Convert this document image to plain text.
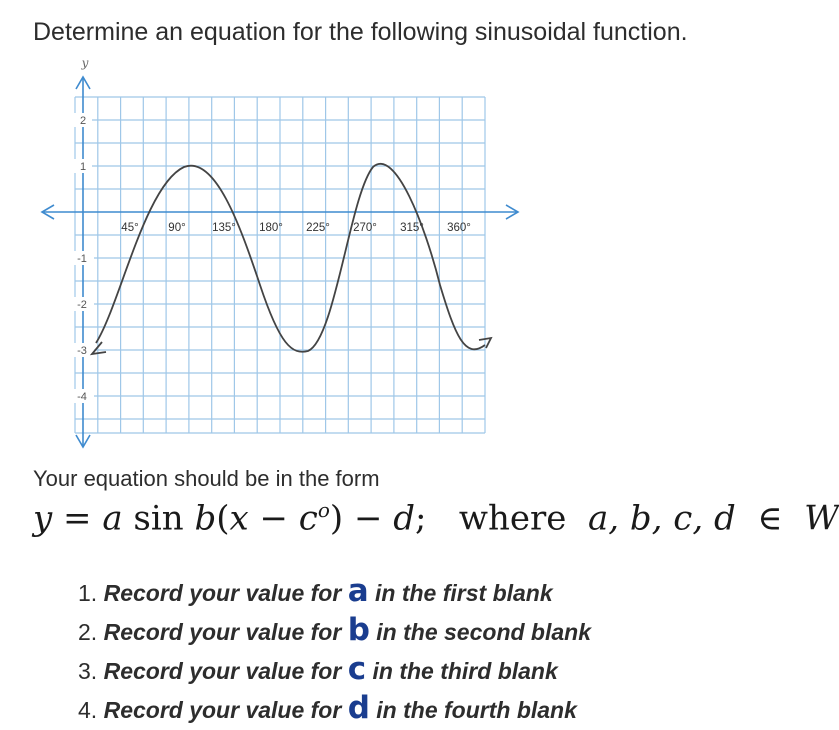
Determine an equation for the following sinusoidal function.
y
2
1
-1
-2
-3
-4
45°	90° 135° 180° 225° 270° 315° 360°
Your equation should be in the form
y = a $\sin b(x - c^o) - d$;   where  a, b, c, d  ∈  W
1. Record your value for a in the first blank
2. Record your value for b in the second blank
3. Record your value for c in the third blank
4. Record your value for d in the fourth blank
